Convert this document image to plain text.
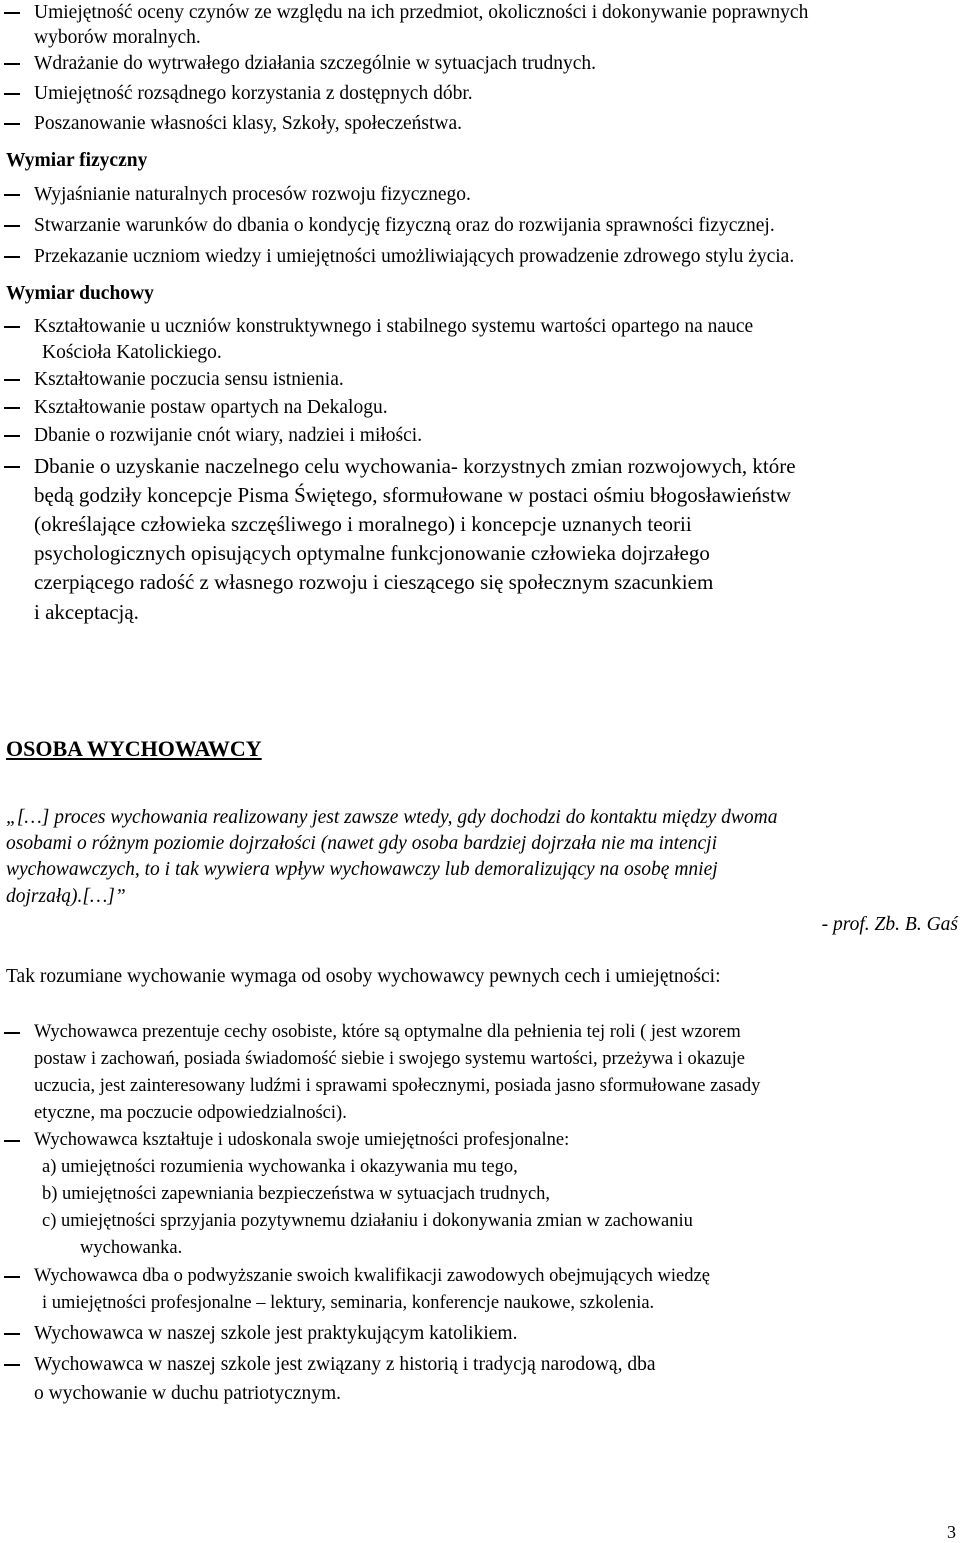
Umiejętność oceny czynów ze względu na ich przedmiot, okoliczności i dokonywanie poprawnych
wyborów moralnych.
Wdrażanie do wytrwałego działania szczególnie w sytuacjach trudnych.
Umiejętność rozsądnego korzystania z dostępnych dóbr.
Poszanowanie własności klasy, Szkoły, społeczeństwa.
Wymiar fizyczny
Wyjaśnianie naturalnych procesów rozwoju fizycznego.
Stwarzanie warunków do dbania o kondycję fizyczną oraz do rozwijania sprawności fizycznej.
Przekazanie uczniom wiedzy i umiejętności umożliwiających prowadzenie zdrowego stylu życia.
Wymiar duchowy
Kształtowanie u uczniów konstruktywnego i stabilnego systemu wartości opartego na nauce
Kościoła Katolickiego.
Kształtowanie poczucia sensu istnienia.
Kształtowanie postaw opartych na Dekalogu.
Dbanie o rozwijanie cnót wiary, nadziei i miłości.
Dbanie o uzyskanie naczelnego celu wychowania- korzystnych zmian rozwojowych, które
będą godziły koncepcje Pisma Świętego, sformułowane w postaci ośmiu błogosławieństw
(określające człowieka szczęśliwego i moralnego) i koncepcje uznanych teorii
psychologicznych opisujących optymalne funkcjonowanie człowieka dojrzałego
czerpiącego radość z własnego rozwoju i cieszącego się społecznym szacunkiem
i akceptacją.
OSOBA WYCHOWAWCY
„[…] proces wychowania realizowany jest zawsze wtedy, gdy dochodzi do kontaktu między dwoma
osobami o różnym poziomie dojrzałości (nawet gdy osoba bardziej dojrzała nie ma intencji
wychowawczych, to i tak wywiera wpływ wychowawczy lub demoralizujący na osobę mniej
dojrzałą).[…]”
- prof. Zb. B. Gaś
Tak rozumiane wychowanie wymaga od osoby wychowawcy pewnych cech i umiejętności:
Wychowawca prezentuje cechy osobiste, które są optymalne dla pełnienia tej roli ( jest wzorem
postaw i zachowań, posiada świadomość siebie i swojego systemu wartości, przeżywa i okazuje
uczucia, jest zainteresowany ludźmi i sprawami społecznymi, posiada jasno sformułowane zasady
etyczne, ma poczucie odpowiedzialności).
Wychowawca kształtuje i udoskonala swoje umiejętności profesjonalne:
a) umiejętności rozumienia wychowanka i okazywania mu tego,
b) umiejętności zapewniania bezpieczeństwa w sytuacjach trudnych,
c) umiejętności sprzyjania pozytywnemu działaniu i dokonywania zmian w zachowaniu
wychowanka.
Wychowawca dba o podwyższanie swoich kwalifikacji zawodowych obejmujących wiedzę
i umiejętności profesjonalne – lektury, seminaria, konferencje naukowe, szkolenia.
Wychowawca w naszej szkole jest praktykującym katolikiem.
Wychowawca w naszej szkole jest związany z historią i tradycją narodową, dba
o wychowanie w duchu patriotycznym.
3
